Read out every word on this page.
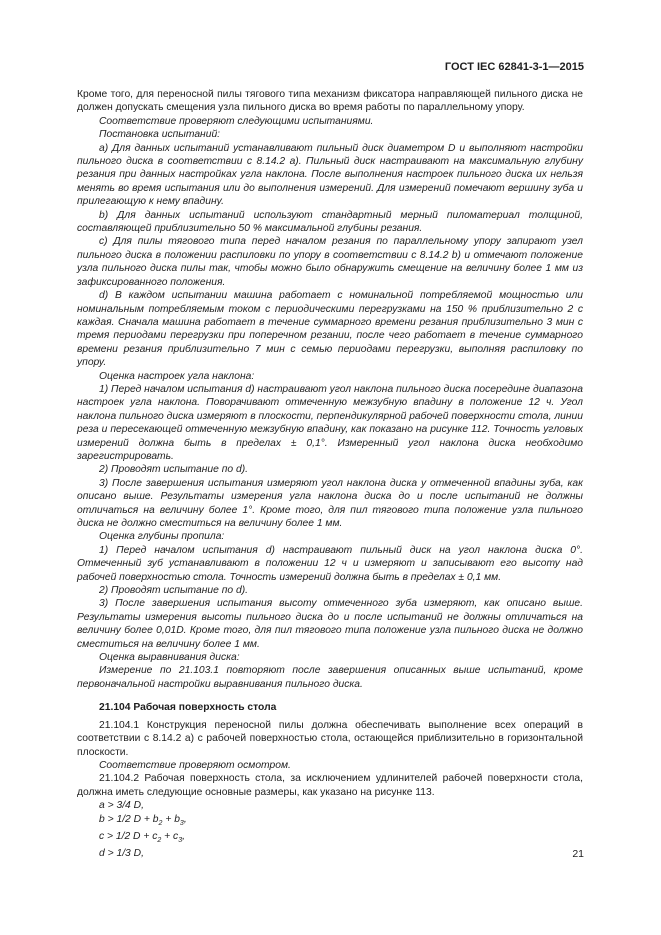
ГОСТ IEC 62841-3-1—2015

Кроме того, для переносной пилы тягового типа механизм фиксатора направляющей пильного диска не должен допускать смещения узла пильного диска во время работы по параллельному упору.

Соответствие проверяют следующими испытаниями.

Постановка испытаний:

a) Для данных испытаний устанавливают пильный диск диаметром D и выполняют настройки пильного диска в соответствии с 8.14.2 a). Пильный диск настраивают на максимальную глубину резания при данных настройках угла наклона. После выполнения настроек пильного диска их нельзя менять во время испытания или до выполнения измерений. Для измерений помечают вершину зуба и прилегающую к нему впадину.

b) Для данных испытаний используют стандартный мерный пиломатериал толщиной, составляющей приблизительно 50 % максимальной глубины резания.

c) Для пилы тягового типа перед началом резания по параллельному упору запирают узел пильного диска в положении распиловки по упору в соответствии с 8.14.2 b) и отмечают положение узла пильного диска пилы так, чтобы можно было обнаружить смещение на величину более 1 мм из зафиксированного положения.

d) В каждом испытании машина работает с номинальной потребляемой мощностью или номинальным потребляемым током с периодическими перегрузками на 150 % приблизительно 2 с каждая. Сначала машина работает в течение суммарного времени резания приблизительно 3 мин с тремя периодами перегрузки при поперечном резании, после чего работает в течение суммарного времени резания приблизительно 7 мин с семью периодами перегрузки, выполняя распиловку по упору.

Оценка настроек угла наклона:

1) Перед началом испытания d) настраивают угол наклона пильного диска посередине диапазона настроек угла наклона. Поворачивают отмеченную межзубную впадину в положение 12 ч. Угол наклона пильного диска измеряют в плоскости, перпендикулярной рабочей поверхности стола, линии реза и пересекающей отмеченную межзубную впадину, как показано на рисунке 112. Точность угловых измерений должна быть в пределах ± 0,1°. Измеренный угол наклона диска необходимо зарегистрировать.

2) Проводят испытание по d).

3) После завершения испытания измеряют угол наклона диска у отмеченной впадины зуба, как описано выше. Результаты измерения угла наклона диска до и после испытаний не должны отличаться на величину более 1°. Кроме того, для пил тягового типа положение узла пильного диска не должно сместиться на величину более 1 мм.

Оценка глубины пропила:

1) Перед началом испытания d) настраивают пильный диск на угол наклона диска 0°. Отмеченный зуб устанавливают в положении 12 ч и измеряют и записывают его высоту над рабочей поверхностью стола. Точность измерений должна быть в пределах ± 0,1 мм.

2) Проводят испытание по d).

3) После завершения испытания высоту отмеченного зуба измеряют, как описано выше. Результаты измерения высоты пильного диска до и после испытаний не должны отличаться на величину более 0,01D. Кроме того, для пил тягового типа положение узла пильного диска не должно сместиться на величину более 1 мм.

Оценка выравнивания диска:

Измерение по 21.103.1 повторяют после завершения описанных выше испытаний, кроме первоначальной настройки выравнивания пильного диска.

21.104 Рабочая поверхность стола

21.104.1 Конструкция переносной пилы должна обеспечивать выполнение всех операций в соответствии с 8.14.2 a) с рабочей поверхностью стола, остающейся приблизительно в горизонтальной плоскости.

Соответствие проверяют осмотром.

21.104.2 Рабочая поверхность стола, за исключением удлинителей рабочей поверхности стола, должна иметь следующие основные размеры, как указано на рисунке 113.

a > 3/4 D,

b > 1/2 $D + b_2 + b_3$,

c > 1/2 $D + c_2 + c_3$,

d > 1/3 D,	21
